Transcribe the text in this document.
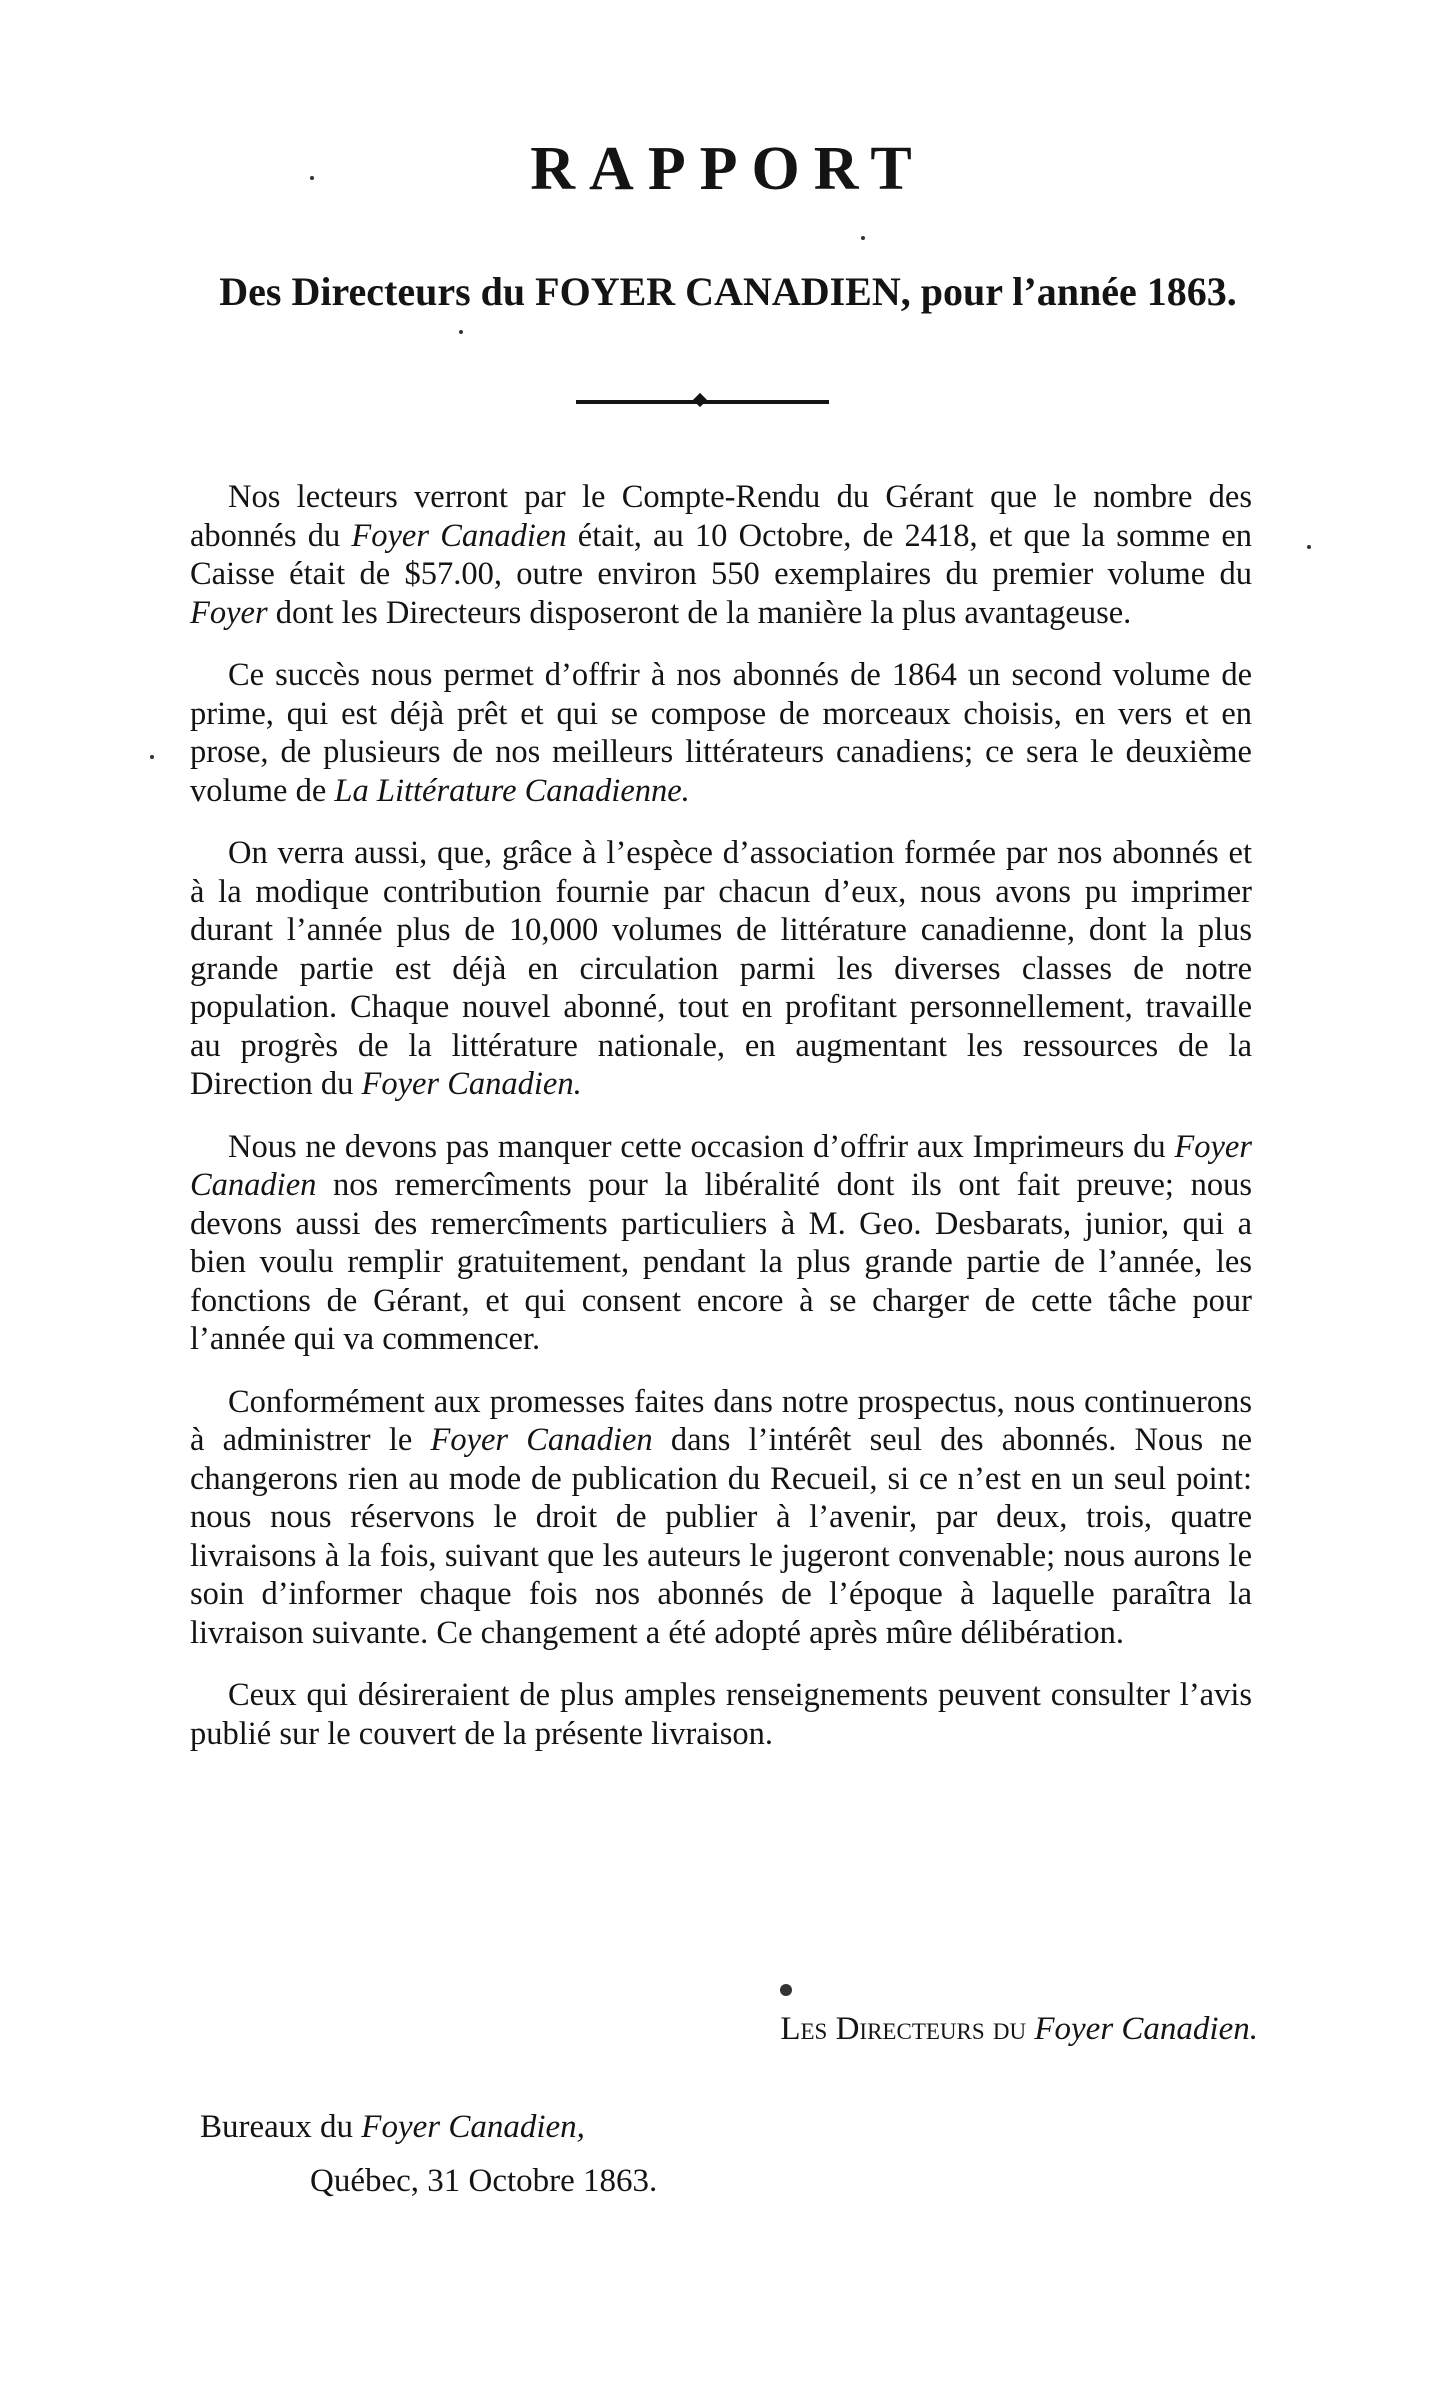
RAPPORT
Des Directeurs du FOYER CANADIEN, pour l’année 1863.

Nos lecteurs verront par le Compte-Rendu du Gérant que le nombre des abonnés du Foyer Canadien était, au 10 Octobre, de 2418, et que la somme en Caisse était de $57.00, outre environ 550 exemplaires du premier volume du Foyer dont les Directeurs disposeront de la manière la plus avantageuse.

Ce succès nous permet d’offrir à nos abonnés de 1864 un second volume de prime, qui est déjà prêt et qui se compose de morceaux choisis, en vers et en prose, de plusieurs de nos meilleurs littérateurs canadiens; ce sera le deuxième volume de La Littérature Canadienne.

On verra aussi, que, grâce à l’espèce d’association formée par nos abonnés et à la modique contribution fournie par chacun d’eux, nous avons pu imprimer durant l’année plus de 10,000 volumes de littérature canadienne, dont la plus grande partie est déjà en circulation parmi les diverses classes de notre population. Chaque nouvel abonné, tout en profitant personnellement, travaille au progrès de la littérature nationale, en augmentant les ressources de la Direction du Foyer Canadien.

Nous ne devons pas manquer cette occasion d’offrir aux Imprimeurs du Foyer Canadien nos remercîments pour la libéralité dont ils ont fait preuve; nous devons aussi des remercîments particuliers à M. Geo. Desbarats, junior, qui a bien voulu remplir gratuitement, pendant la plus grande partie de l’année, les fonctions de Gérant, et qui consent encore à se charger de cette tâche pour l’année qui va commencer.

Conformément aux promesses faites dans notre prospectus, nous continuerons à administrer le Foyer Canadien dans l’intérêt seul des abonnés. Nous ne changerons rien au mode de publication du Recueil, si ce n’est en un seul point: nous nous réservons le droit de publier à l’avenir, par deux, trois, quatre livraisons à la fois, suivant que les auteurs le jugeront convenable; nous aurons le soin d’informer chaque fois nos abonnés de l’époque à laquelle paraîtra la livraison suivante. Ce changement a été adopté après mûre délibération.

Ceux qui désireraient de plus amples renseignements peuvent consulter l’avis publié sur le couvert de la présente livraison.

Les Directeurs du Foyer Canadien.
Bureaux du Foyer Canadien,
Québec, 31 Octobre 1863.
